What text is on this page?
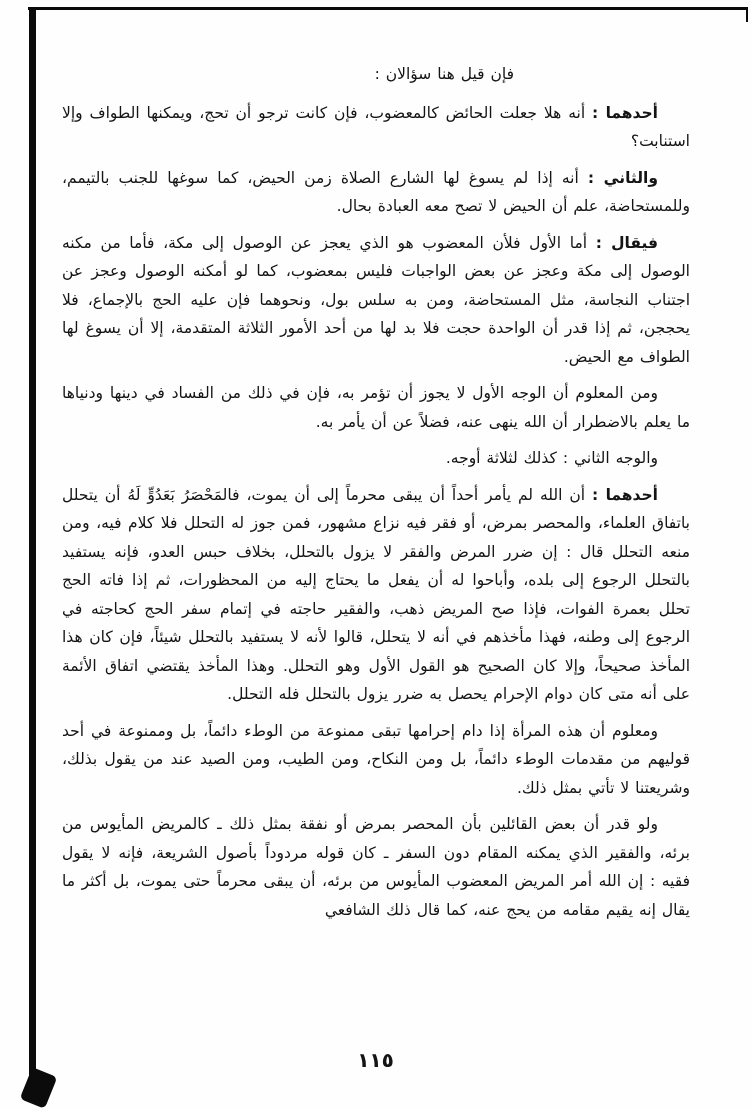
فإن قيل هنا سؤالان :

أحدهما : أنه هلا جعلت الحائض كالمعضوب، فإن كانت ترجو أن تحج، ويمكنها الطواف وإلا استنابت؟

والثاني : أنه إذا لم يسوغ لها الشارع الصلاة زمن الحيض، كما سوغها للجنب بالتيمم، وللمستحاضة، علم أن الحيض لا تصح معه العبادة بحال.

فيقال : أما الأول فلأن المعضوب هو الذي يعجز عن الوصول إلى مكة، فأما من مكنه الوصول إلى مكة وعجز عن بعض الواجبات فليس بمعضوب، كما لو أمكنه الوصول وعجز عن اجتناب النجاسة، مثل المستحاضة، ومن به سلس بول، ونحوهما فإن عليه الحج بالإجماع، فلا يحججن، ثم إذا قدر أن الواحدة حجت فلا بد لها من أحد الأمور الثلاثة المتقدمة، إلا أن يسوغ لها الطواف مع الحيض.

ومن المعلوم أن الوجه الأول لا يجوز أن تؤمر به، فإن في ذلك من الفساد في دينها ودنياها ما يعلم بالاضطرار أن الله ينهى عنه، فضلاً عن أن يأمر به.

والوجه الثاني : كذلك لثلاثة أوجه.

أحدهما : أن الله لم يأمر أحداً أن يبقى محرماً إلى أن يموت، فالمَحْصَرُ بَعَدُوٍّ لَهُ أن يتحلل باتفاق العلماء، والمحصر بمرض، أو فقر فيه نزاع مشهور، فمن جوز له التحلل فلا كلام فيه، ومن منعه التحلل قال : إن ضرر المرض والفقر لا يزول بالتحلل، بخلاف حبس العدو، فإنه يستفيد بالتحلل الرجوع إلى بلده، وأباحوا له أن يفعل ما يحتاج إليه من المحظورات، ثم إذا فاته الحج تحلل بعمرة الفوات، فإذا صح المريض ذهب، والفقير حاجته في إتمام سفر الحج كحاجته في الرجوع إلى وطنه، فهذا مأخذهم في أنه لا يتحلل، قالوا لأنه لا يستفيد بالتحلل شيئاً، فإن كان هذا المأخذ صحيحاً، وإلا كان الصحيح هو القول الأول وهو التحلل. وهذا المأخذ يقتضي اتفاق الأئمة على أنه متى كان دوام الإحرام يحصل به ضرر يزول بالتحلل فله التحلل.

ومعلوم أن هذه المرأة إذا دام إحرامها تبقى ممنوعة من الوطء دائماً، بل وممنوعة في أحد قوليهم من مقدمات الوطء دائماً، بل ومن النكاح، ومن الطيب، ومن الصيد عند من يقول بذلك، وشريعتنا لا تأتي بمثل ذلك.

ولو قدر أن بعض القائلين بأن المحصر بمرض أو نفقة بمثل ذلك ـ كالمريض المأيوس من برئه، والفقير الذي يمكنه المقام دون السفر ـ كان قوله مردوداً بأصول الشريعة، فإنه لا يقول فقيه : إن الله أمر المريض المعضوب المأيوس من برئه، أن يبقى محرماً حتى يموت، بل أكثر ما يقال إنه يقيم مقامه من يحج عنه، كما قال ذلك الشافعي

١١٥
